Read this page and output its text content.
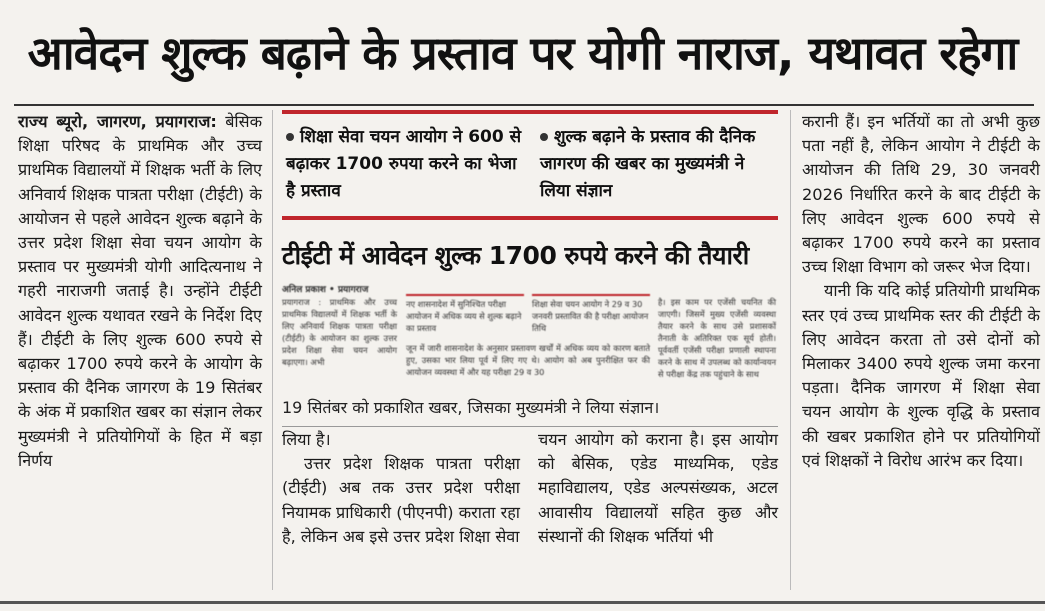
आवेदन शुल्क बढ़ाने के प्रस्ताव पर योगी नाराज, यथावत रहेगा

राज्य ब्यूरो, जागरण, प्रयागराज: बेसिक शिक्षा परिषद के प्राथमिक और उच्च प्राथमिक विद्यालयों में शिक्षक भर्ती के लिए अनिवार्य शिक्षक पात्रता परीक्षा (टीईटी) के आयोजन से पहले आवेदन शुल्क बढ़ाने के उत्तर प्रदेश शिक्षा सेवा चयन आयोग के प्रस्ताव पर मुख्यमंत्री योगी आदित्यनाथ ने गहरी नाराजगी जताई है। उन्होंने टीईटी आवेदन शुल्क यथावत रखने के निर्देश दिए हैं। टीईटी के लिए शुल्क 600 रुपये से बढ़ाकर 1700 रुपये करने के आयोग के प्रस्ताव की दैनिक जागरण के 19 सितंबर के अंक में प्रकाशित खबर का संज्ञान लेकर मुख्यमंत्री ने प्रतियोगियों के हित में बड़ा निर्णय

शिक्षा सेवा चयन आयोग ने 600 से बढ़ाकर 1700 रुपया करने का भेजा है प्रस्ताव
शुल्क बढ़ाने के प्रस्ताव की दैनिक जागरण की खबर का मुख्यमंत्री ने लिया संज्ञान
टीईटी में आवेदन शुल्क 1700 रुपये करने की तैयारी
अनिल प्रकाश • प्रयागराज
प्रयागराज : प्राथमिक और उच्च प्राथमिक विद्यालयों में शिक्षक भर्ती के लिए अनिवार्य शिक्षक पात्रता परीक्षा (टीईटी) के आयोजन का शुल्क उत्तर प्रदेश शिक्षा सेवा चयन आयोग बढ़ाएगा। अभी
नए शासनादेश में सुनिश्चित परीक्षा आयोजन में अधिक व्यय से शुल्क बढ़ाने का प्रस्ताव
शिक्षा सेवा चयन आयोग ने 29 व 30 जनवरी प्रस्तावित की है परीक्षा आयोजन तिथि
जून में जारी शासनादेश के अनुसार प्रस्तावण खर्चों में अधिक व्यय को कारण बताते हुए, उसका भार लिया पूर्व में लिए गए थे। आयोग को अब पुनरीक्षित फर की आयोजन व्यवस्था में और यह परीक्षा 29 व 30
है। इस काम पर एजेंसी चयनित की जाएगी। जिसमें मुख्य एजेंसी व्यवस्था तैयार करने के साथ उसे प्रशासकों तैनाती के अतिरिक्त एक सूर्य होती। पूर्ववर्ती एजेंसी परीक्षा प्रणाली स्थापना करने के साथ में उपलब्ध को कार्यान्वयन से परीक्षा केंद्र तक पहुंचाने के साथ
19 सितंबर को प्रकाशित खबर, जिसका मुख्यमंत्री ने लिया संज्ञान।

लिया है।

उत्तर प्रदेश शिक्षक पात्रता परीक्षा (टीईटी) अब तक उत्तर प्रदेश परीक्षा नियामक प्राधिकारी (पीएनपी) कराता रहा है, लेकिन अब इसे उत्तर प्रदेश शिक्षा सेवा

चयन आयोग को कराना है। इस आयोग को बेसिक, एडेड माध्यमिक, एडेड महाविद्यालय, एडेड अल्पसंख्यक, अटल आवासीय विद्यालयों सहित कुछ और संस्थानों की शिक्षक भर्तियां भी

करानी हैं। इन भर्तियों का तो अभी कुछ पता नहीं है, लेकिन आयोग ने टीईटी के आयोजन की तिथि 29, 30 जनवरी 2026 निर्धारित करने के बाद टीईटी के लिए आवेदन शुल्क 600 रुपये से बढ़ाकर 1700 रुपये करने का प्रस्ताव उच्च शिक्षा विभाग को जरूर भेज दिया।

यानी कि यदि कोई प्रतियोगी प्राथमिक स्तर एवं उच्च प्राथमिक स्तर की टीईटी के लिए आवेदन करता तो उसे दोनों को मिलाकर 3400 रुपये शुल्क जमा करना पड़ता। दैनिक जागरण में शिक्षा सेवा चयन आयोग के शुल्क वृद्धि के प्रस्ताव की खबर प्रकाशित होने पर प्रतियोगियों एवं शिक्षकों ने विरोध आरंभ कर दिया।
